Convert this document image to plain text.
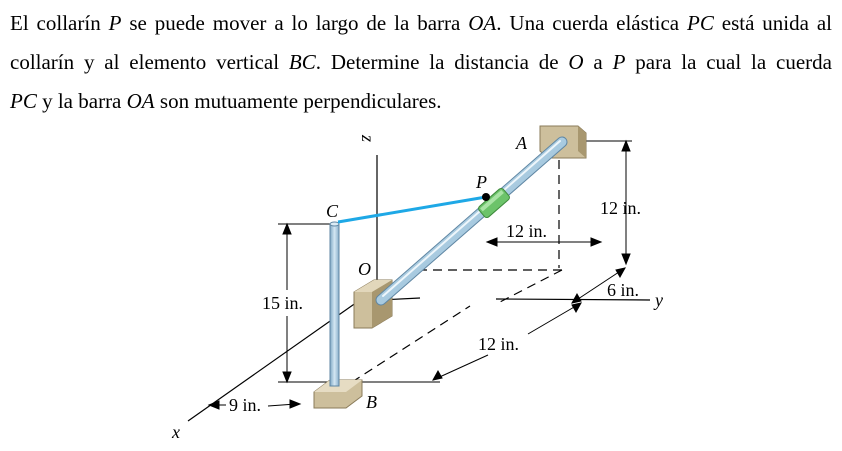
El collarín P se puede mover a lo largo de la barra OA. Una cuerda elástica PC está unida al
collarín y al elemento vertical BC. Determine la distancia de O a P para la cual la cuerda
PC y la barra OA son mutuamente perpendiculares.
A
P
C
O
B
x
y
z
12 in.
12 in.
6 in.
12 in.
15 in.
9 in.
